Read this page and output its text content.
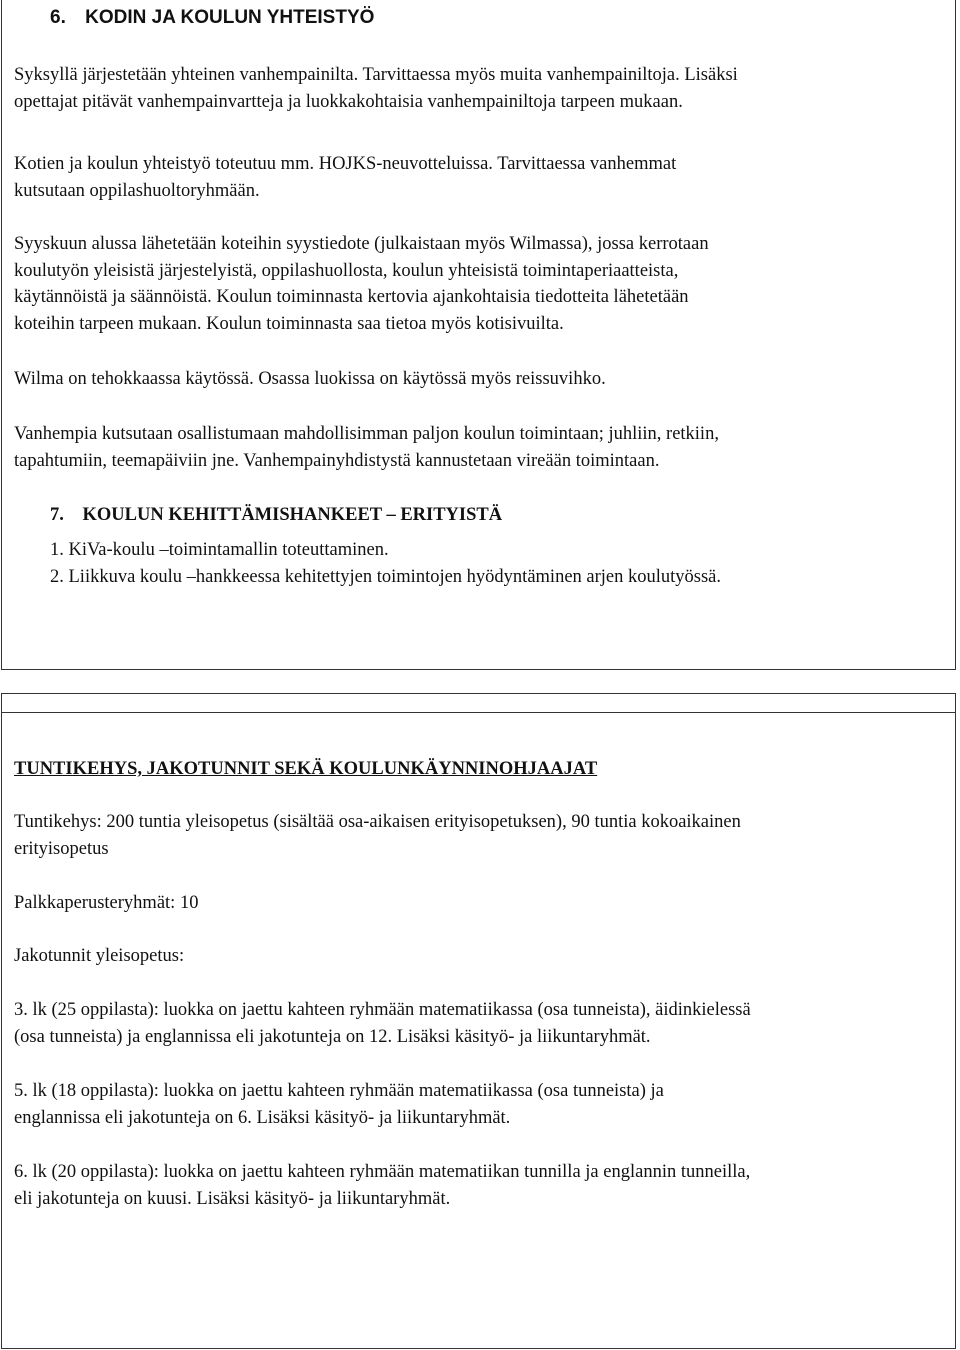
6. KODIN JA KOULUN YHTEISTYÖ

Syksyllä järjestetään yhteinen vanhempainilta. Tarvittaessa myös muita vanhempainiltoja. Lisäksi
opettajat pitävät vanhempainvartteja ja luokkakohtaisia vanhempainiltoja tarpeen mukaan.

Kotien ja koulun yhteistyö toteutuu mm. HOJKS-neuvotteluissa. Tarvittaessa vanhemmat
kutsutaan oppilashuoltoryhmään.

Syyskuun alussa lähetetään koteihin syystiedote (julkaistaan myös Wilmassa), jossa kerrotaan
koulutyön yleisistä järjestelyistä, oppilashuollosta, koulun yhteisistä toimintaperiaatteista,
käytännöistä ja säännöistä. Koulun toiminnasta kertovia ajankohtaisia tiedotteita lähetetään
koteihin tarpeen mukaan. Koulun toiminnasta saa tietoa myös kotisivuilta.

Wilma on tehokkaassa käytössä. Osassa luokissa on käytössä myös reissuvihko.

Vanhempia kutsutaan osallistumaan mahdollisimman paljon koulun toimintaan; juhliin, retkiin,
tapahtumiin, teemapäiviin jne. Vanhempainyhdistystä kannustetaan vireään toimintaan.

7. KOULUN KEHITTÄMISHANKEET – ERITYISTÄ

1. KiVa-koulu –toimintamallin toteuttaminen.
2. Liikkuva koulu –hankkeessa kehitettyjen toimintojen hyödyntäminen arjen koulutyössä.

TUNTIKEHYS, JAKOTUNNIT SEKÄ KOULUNKÄYNNINOHJAAJAT

Tuntikehys: 200 tuntia yleisopetus (sisältää osa-aikaisen erityisopetuksen), 90 tuntia kokoaikainen
erityisopetus

Palkkaperusteryhmät: 10
Jakotunnit yleisopetus:

3. lk (25 oppilasta): luokka on jaettu kahteen ryhmään matematiikassa (osa tunneista), äidinkielessä
(osa tunneista) ja englannissa eli jakotunteja on 12. Lisäksi käsityö- ja liikuntaryhmät.

5. lk (18 oppilasta): luokka on jaettu kahteen ryhmään matematiikassa (osa tunneista) ja
englannissa eli jakotunteja on 6. Lisäksi käsityö- ja liikuntaryhmät.

6. lk (20 oppilasta): luokka on jaettu kahteen ryhmään matematiikan tunnilla ja englannin tunneilla,
eli jakotunteja on kuusi. Lisäksi käsityö- ja liikuntaryhmät.
